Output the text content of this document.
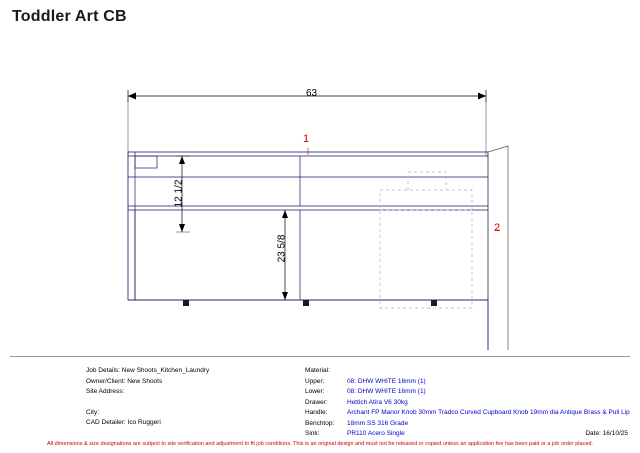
Toddler Art CB
63
1
2
12 1/2
23 5/8
Job Details: New Shoots_Kitchen_Laundry
Owner/Client: New Shoots
Site Address:
City:
CAD Detailer: Ico Ruggeri
Material:
Upper:	08: DHW WHITE 16mm (1)
Lower:	08: DHW WHITE 16mm (1)
Drawer:	Hettich Atira V6 30kg
Handle:	Archant FP Manor Knob 30mm Tradco Curved Cupboard Knob 19mm dia Antique Brass & Pull Lip
Benchtop:	18mm SS 316 Grade
Sink:	PR110 Acero Single	Date: 16/10/25
All dimensions & size designations are subject to site verification and adjustment to fit job conditions. This is an original design and must not be released or copied unless an application fee has been paid or a job order placed.
